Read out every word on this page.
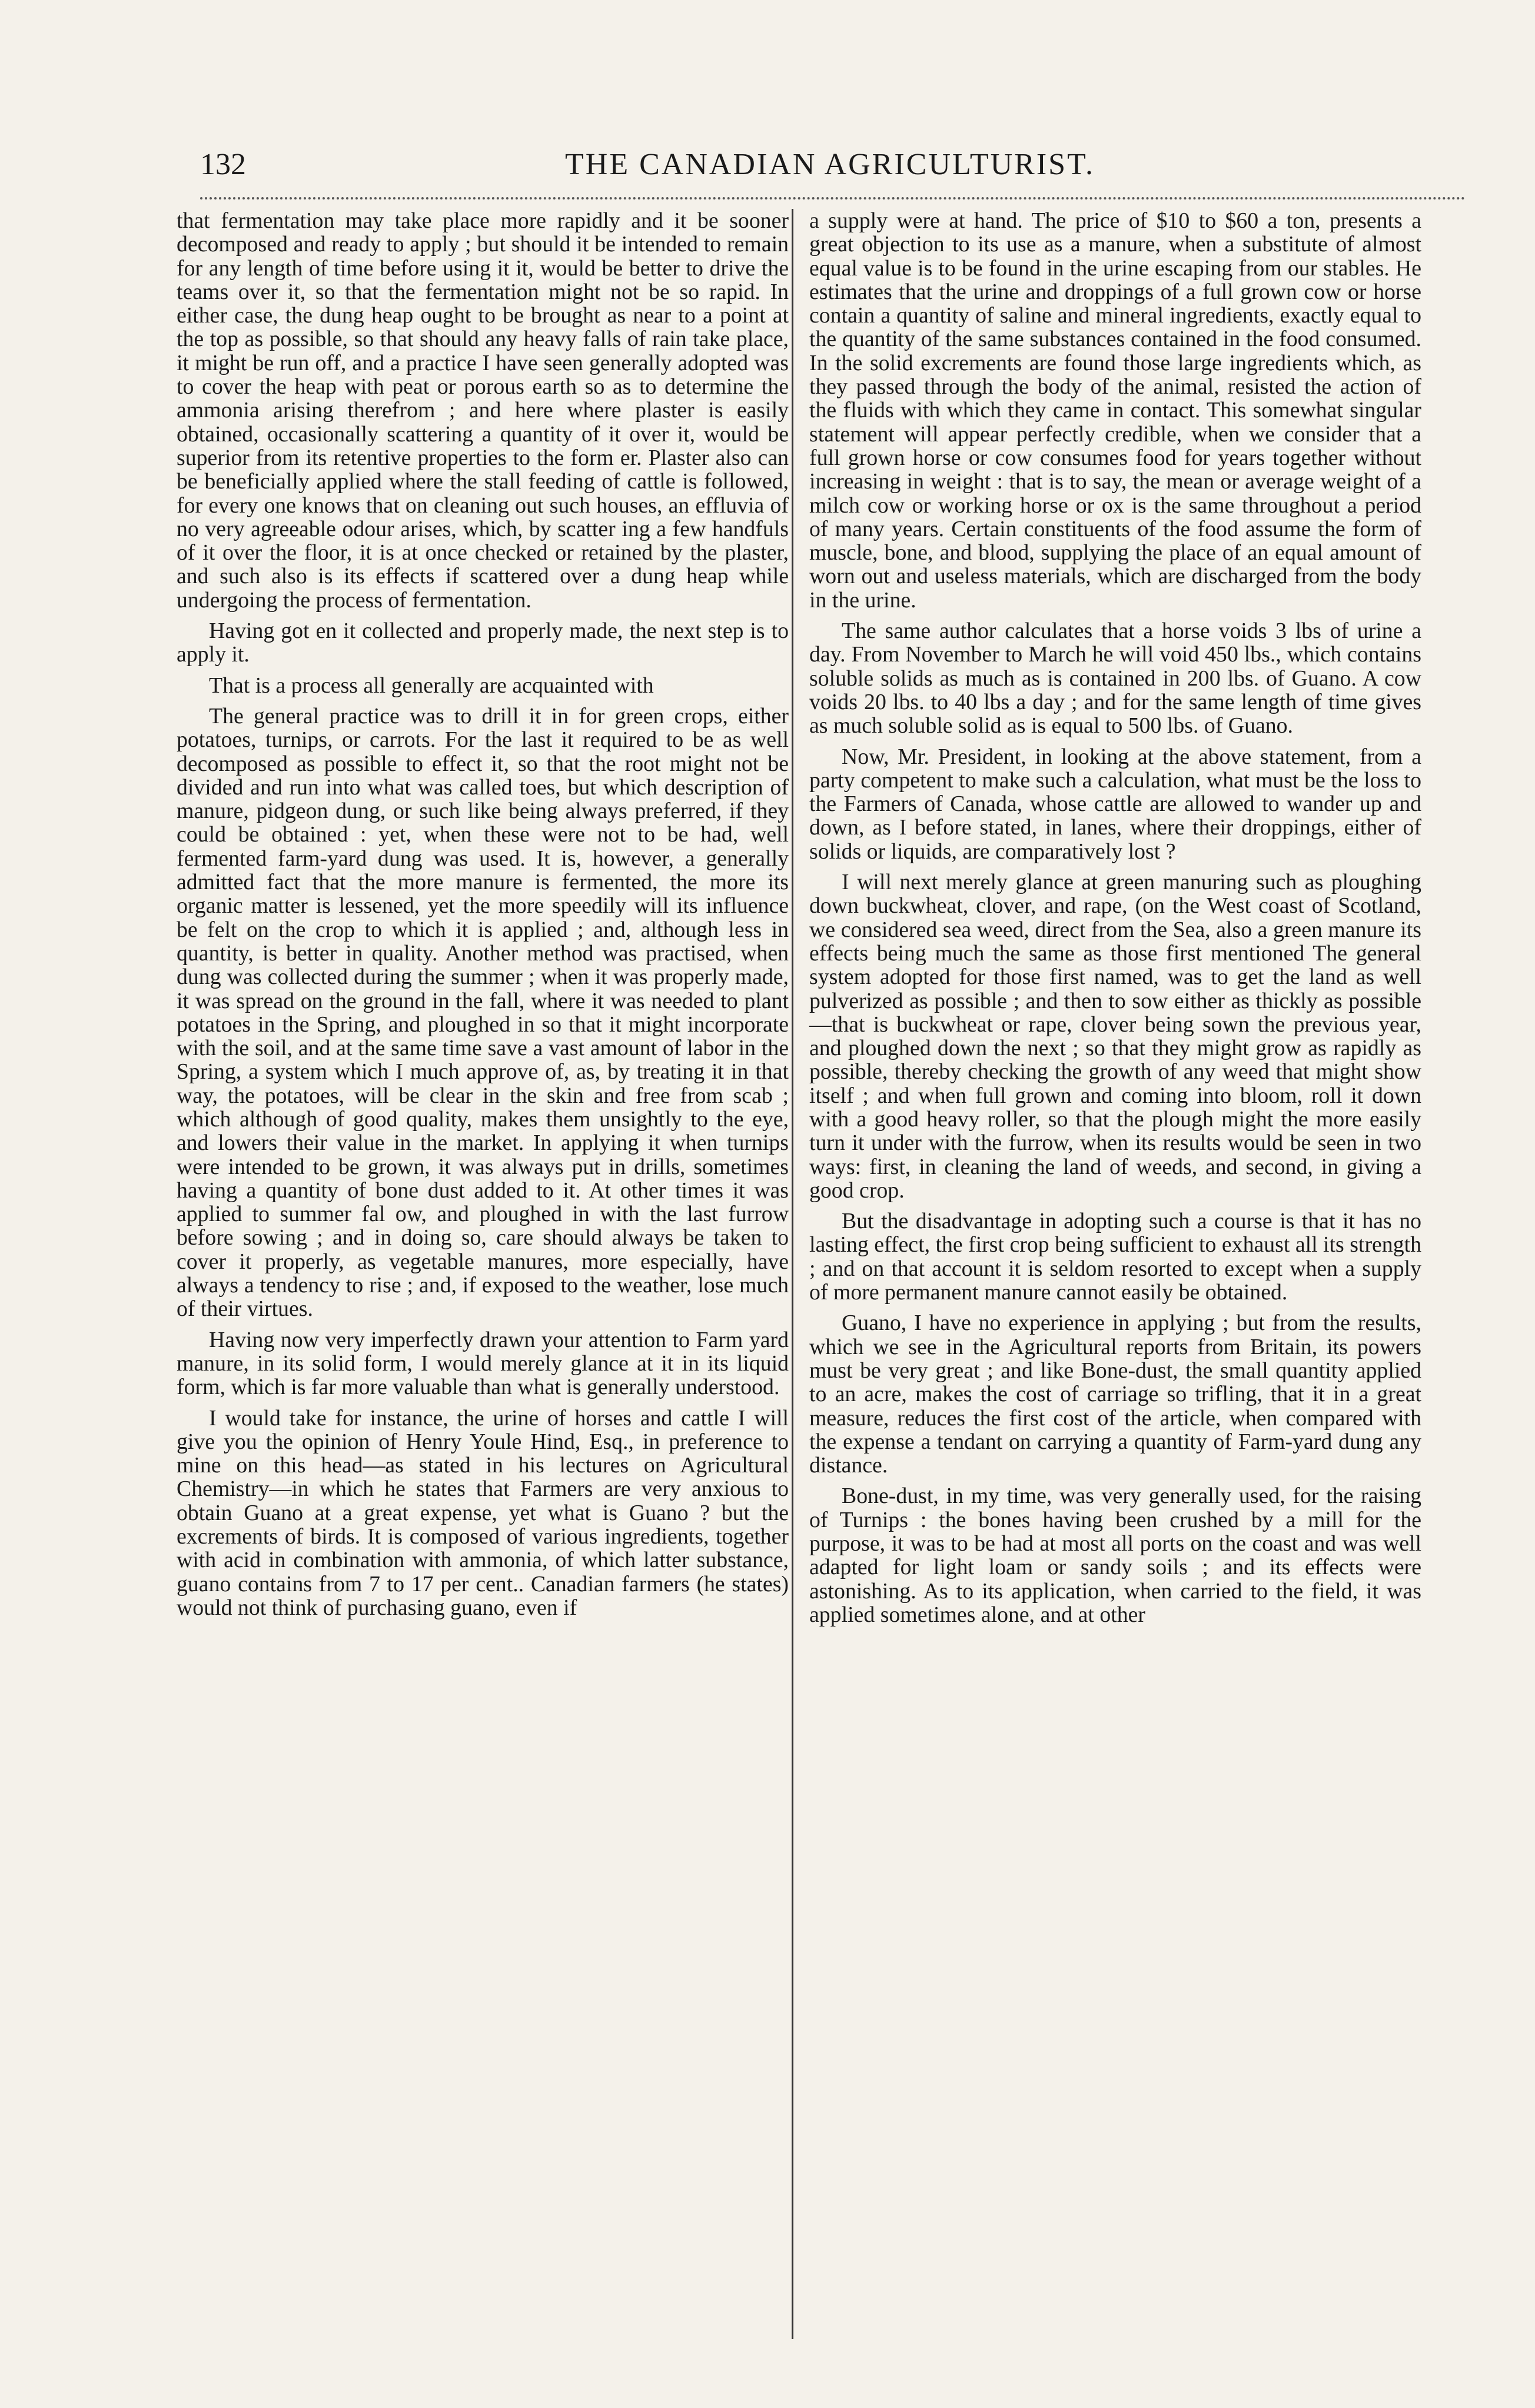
132	THE CANADIAN AGRICULTURIST.

that fermentation may take place more rapidly and it be sooner decomposed and ready to apply ; but should it be intended to remain for any length of time before using it it, would be better to drive the teams over it, so that the fermentation might not be so rapid. In either case, the dung heap ought to be brought as near to a point at the top as possible, so that should any heavy falls of rain take place, it might be run off, and a practice I have seen generally adopted was to cover the heap with peat or porous earth so as to determine the ammonia arising therefrom ; and here where plaster is easily obtained, occasionally scattering a quantity of it over it, would be superior from its retentive properties to the form er. Plaster also can be beneficially applied where the stall feeding of cattle is followed, for every one knows that on cleaning out such houses, an effluvia of no very agreeable odour arises, which, by scatter ing a few handfuls of it over the floor, it is at once checked or retained by the plaster, and such also is its effects if scattered over a dung heap while undergoing the process of fermentation.

Having got en it collected and properly made, the next step is to apply it.

That is a process all generally are acquainted with

The general practice was to drill it in for green crops, either potatoes, turnips, or carrots. For the last it required to be as well decomposed as possible to effect it, so that the root might not be divided and run into what was called toes, but which description of manure, pidgeon dung, or such like being always preferred, if they could be obtained : yet, when these were not to be had, well fermented farm-yard dung was used. It is, however, a generally admitted fact that the more manure is fermented, the more its organic matter is lessened, yet the more speedily will its influence be felt on the crop to which it is applied ; and, although less in quantity, is better in quality. Another method was practised, when dung was collected during the summer ; when it was properly made, it was spread on the ground in the fall, where it was needed to plant potatoes in the Spring, and ploughed in so that it might incorporate with the soil, and at the same time save a vast amount of labor in the Spring, a system which I much approve of, as, by treating it in that way, the potatoes, will be clear in the skin and free from scab ; which although of good quality, makes them unsightly to the eye, and lowers their value in the market. In applying it when turnips were intended to be grown, it was always put in drills, sometimes having a quantity of bone dust added to it. At other times it was applied to summer fal ow, and ploughed in with the last furrow before sowing ; and in doing so, care should always be taken to cover it properly, as vegetable manures, more especially, have always a tendency to rise ; and, if exposed to the weather, lose much of their virtues.

Having now very imperfectly drawn your attention to Farm yard manure, in its solid form, I would merely glance at it in its liquid form, which is far more valuable than what is generally understood.

I would take for instance, the urine of horses and cattle I will give you the opinion of Henry Youle Hind, Esq., in preference to mine on this head—as stated in his lectures on Agricultural Chemistry—in which he states that Farmers are very anxious to obtain Guano at a great expense, yet what is Guano ? but the excrements of birds. It is composed of various ingredients, together with acid in combination with ammonia, of which latter substance, guano contains from 7 to 17 per cent.. Canadian farmers (he states) would not think of purchasing guano, even if

a supply were at hand. The price of $10 to $60 a ton, presents a great objection to its use as a manure, when a substitute of almost equal value is to be found in the urine escaping from our stables. He estimates that the urine and droppings of a full grown cow or horse contain a quantity of saline and mineral ingredients, exactly equal to the quantity of the same substances contained in the food consumed. In the solid excrements are found those large ingredients which, as they passed through the body of the animal, resisted the action of the fluids with which they came in contact. This somewhat singular statement will appear perfectly credible, when we consider that a full grown horse or cow consumes food for years together without increasing in weight : that is to say, the mean or average weight of a milch cow or working horse or ox is the same throughout a period of many years. Certain constituents of the food assume the form of muscle, bone, and blood, supplying the place of an equal amount of worn out and useless materials, which are discharged from the body in the urine.

The same author calculates that a horse voids 3 lbs of urine a day. From November to March he will void 450 lbs., which contains soluble solids as much as is contained in 200 lbs. of Guano. A cow voids 20 lbs. to 40 lbs a day ; and for the same length of time gives as much soluble solid as is equal to 500 lbs. of Guano.

Now, Mr. President, in looking at the above statement, from a party competent to make such a calculation, what must be the loss to the Farmers of Canada, whose cattle are allowed to wander up and down, as I before stated, in lanes, where their droppings, either of solids or liquids, are comparatively lost ?

I will next merely glance at green manuring such as ploughing down buckwheat, clover, and rape, (on the West coast of Scotland, we considered sea weed, direct from the Sea, also a green manure its effects being much the same as those first mentioned The general system adopted for those first named, was to get the land as well pulverized as possible ; and then to sow either as thickly as possible—that is buckwheat or rape, clover being sown the previous year, and ploughed down the next ; so that they might grow as rapidly as possible, thereby checking the growth of any weed that might show itself ; and when full grown and coming into bloom, roll it down with a good heavy roller, so that the plough might the more easily turn it under with the furrow, when its results would be seen in two ways: first, in cleaning the land of weeds, and second, in giving a good crop.

But the disadvantage in adopting such a course is that it has no lasting effect, the first crop being sufficient to exhaust all its strength ; and on that account it is seldom resorted to except when a supply of more permanent manure cannot easily be obtained.

Guano, I have no experience in applying ; but from the results, which we see in the Agricultural reports from Britain, its powers must be very great ; and like Bone-dust, the small quantity applied to an acre, makes the cost of carriage so trifling, that it in a great measure, reduces the first cost of the article, when compared with the expense a tendant on carrying a quantity of Farm-yard dung any distance.

Bone-dust, in my time, was very generally used, for the raising of Turnips : the bones having been crushed by a mill for the purpose, it was to be had at most all ports on the coast and was well adapted for light loam or sandy soils ; and its effects were astonishing. As to its application, when carried to the field, it was applied sometimes alone, and at other
